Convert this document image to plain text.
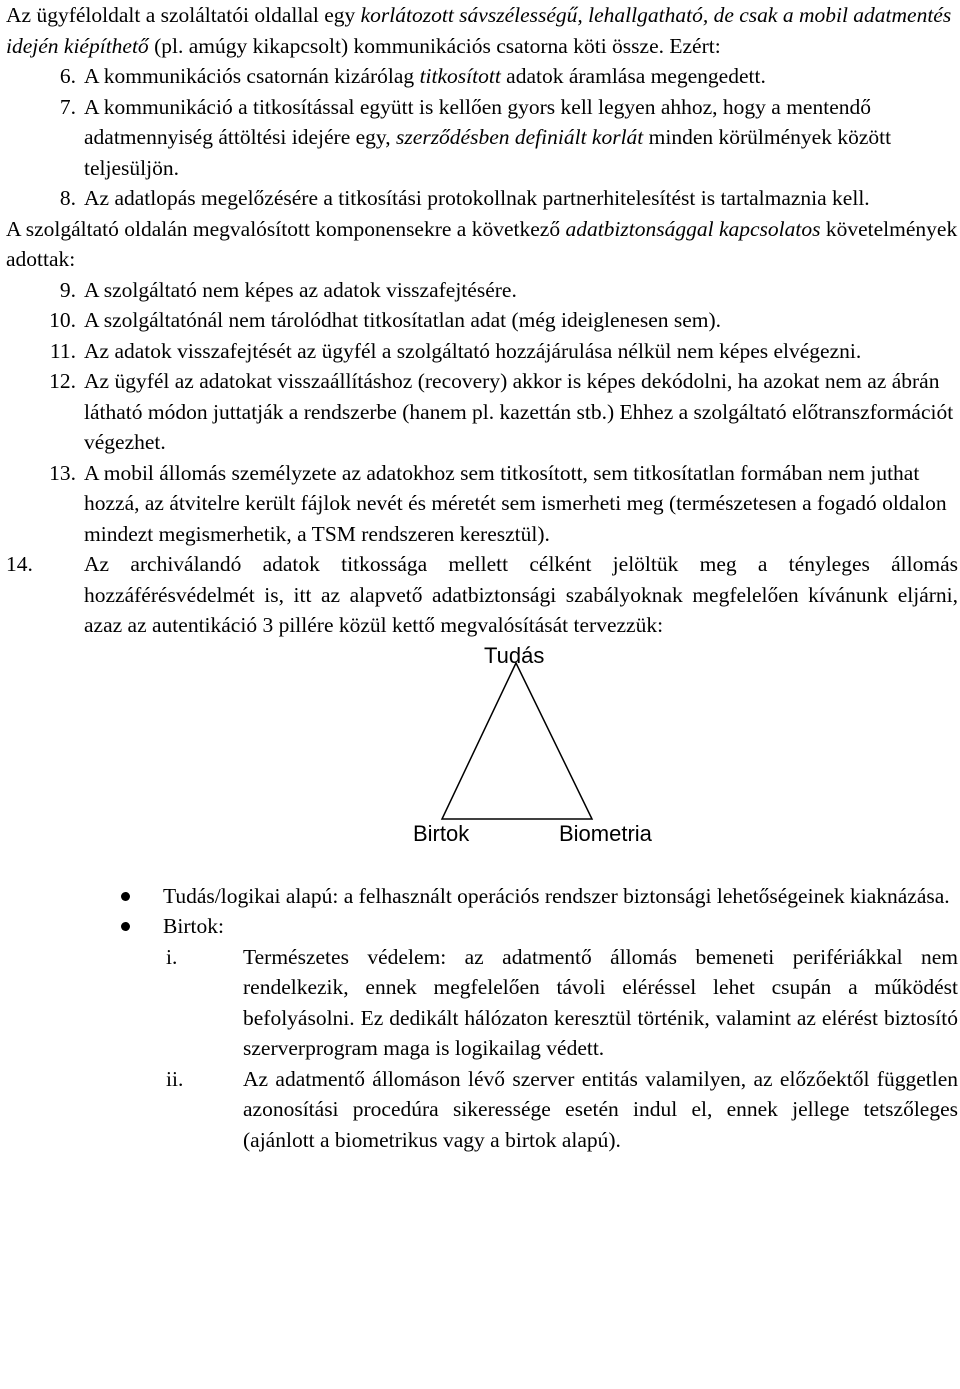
Az ügyféloldalt a szoláltatói oldallal egy korlátozott sávszélességű, lehallgatható, de csak a mobil adatmentés idején kiépíthető (pl. amúgy kikapcsolt) kommunikációs csatorna köti össze. Ezért:

6. A kommunikációs csatornán kizárólag titkosított adatok áramlása megengedett.

7. A kommunikáció a titkosítással együtt is kellően gyors kell legyen ahhoz, hogy a mentendő adatmennyiség áttöltési idejére egy, szerződésben definiált korlát minden körülmények között teljesüljön.

8. Az adatlopás megelőzésére a titkosítási protokollnak partnerhitelesítést is tartalmaznia kell.

A szolgáltató oldalán megvalósított komponensekre a következő adatbiztonsággal kapcsolatos követelmények adottak:

9. A szolgáltató nem képes az adatok visszafejtésére.

10. A szolgáltatónál nem tárolódhat titkosítatlan adat (még ideiglenesen sem).

11. Az adatok visszafejtését az ügyfél a szolgáltató hozzájárulása nélkül nem képes elvégezni.

12. Az ügyfél az adatokat visszaállításhoz (recovery) akkor is képes dekódolni, ha azokat nem az ábrán látható módon juttatják a rendszerbe (hanem pl. kazettán stb.) Ehhez a szolgáltató előtranszformációt végezhet.

13. A mobil állomás személyzete az adatokhoz sem titkosított, sem titkosítatlan formában nem juthat hozzá, az átvitelre került fájlok nevét és méretét sem ismerheti meg (természetesen a fogadó oldalon mindezt megismerhetik, a TSM rendszeren keresztül).

14.	Az archiválandó adatok titkossága mellett célként jelöltük meg a tényleges állomás hozzáférésvédelmét is, itt az alapvető adatbiztonsági szabályoknak megfelelően kívánunk eljárni, azaz az autentikáció 3 pillére közül kettő megvalósítását tervezzük:

Tudás
Birtok	Biometria

Tudás/logikai alapú: a felhasznált operációs rendszer biztonsági lehetőségeinek kiaknázása.

Birtok:

i.	Természetes védelem: az adatmentő állomás bemeneti perifériákkal nem rendelkezik, ennek megfelelően távoli eléréssel lehet csupán a működést befolyásolni. Ez dedikált hálózaton keresztül történik, valamint az elérést biztosító szerverprogram maga is logikailag védett.

ii.	Az adatmentő állomáson lévő szerver entitás valamilyen, az előzőektől független azonosítási procedúra sikeressége esetén indul el, ennek jellege tetszőleges (ajánlott a biometrikus vagy a birtok alapú).
